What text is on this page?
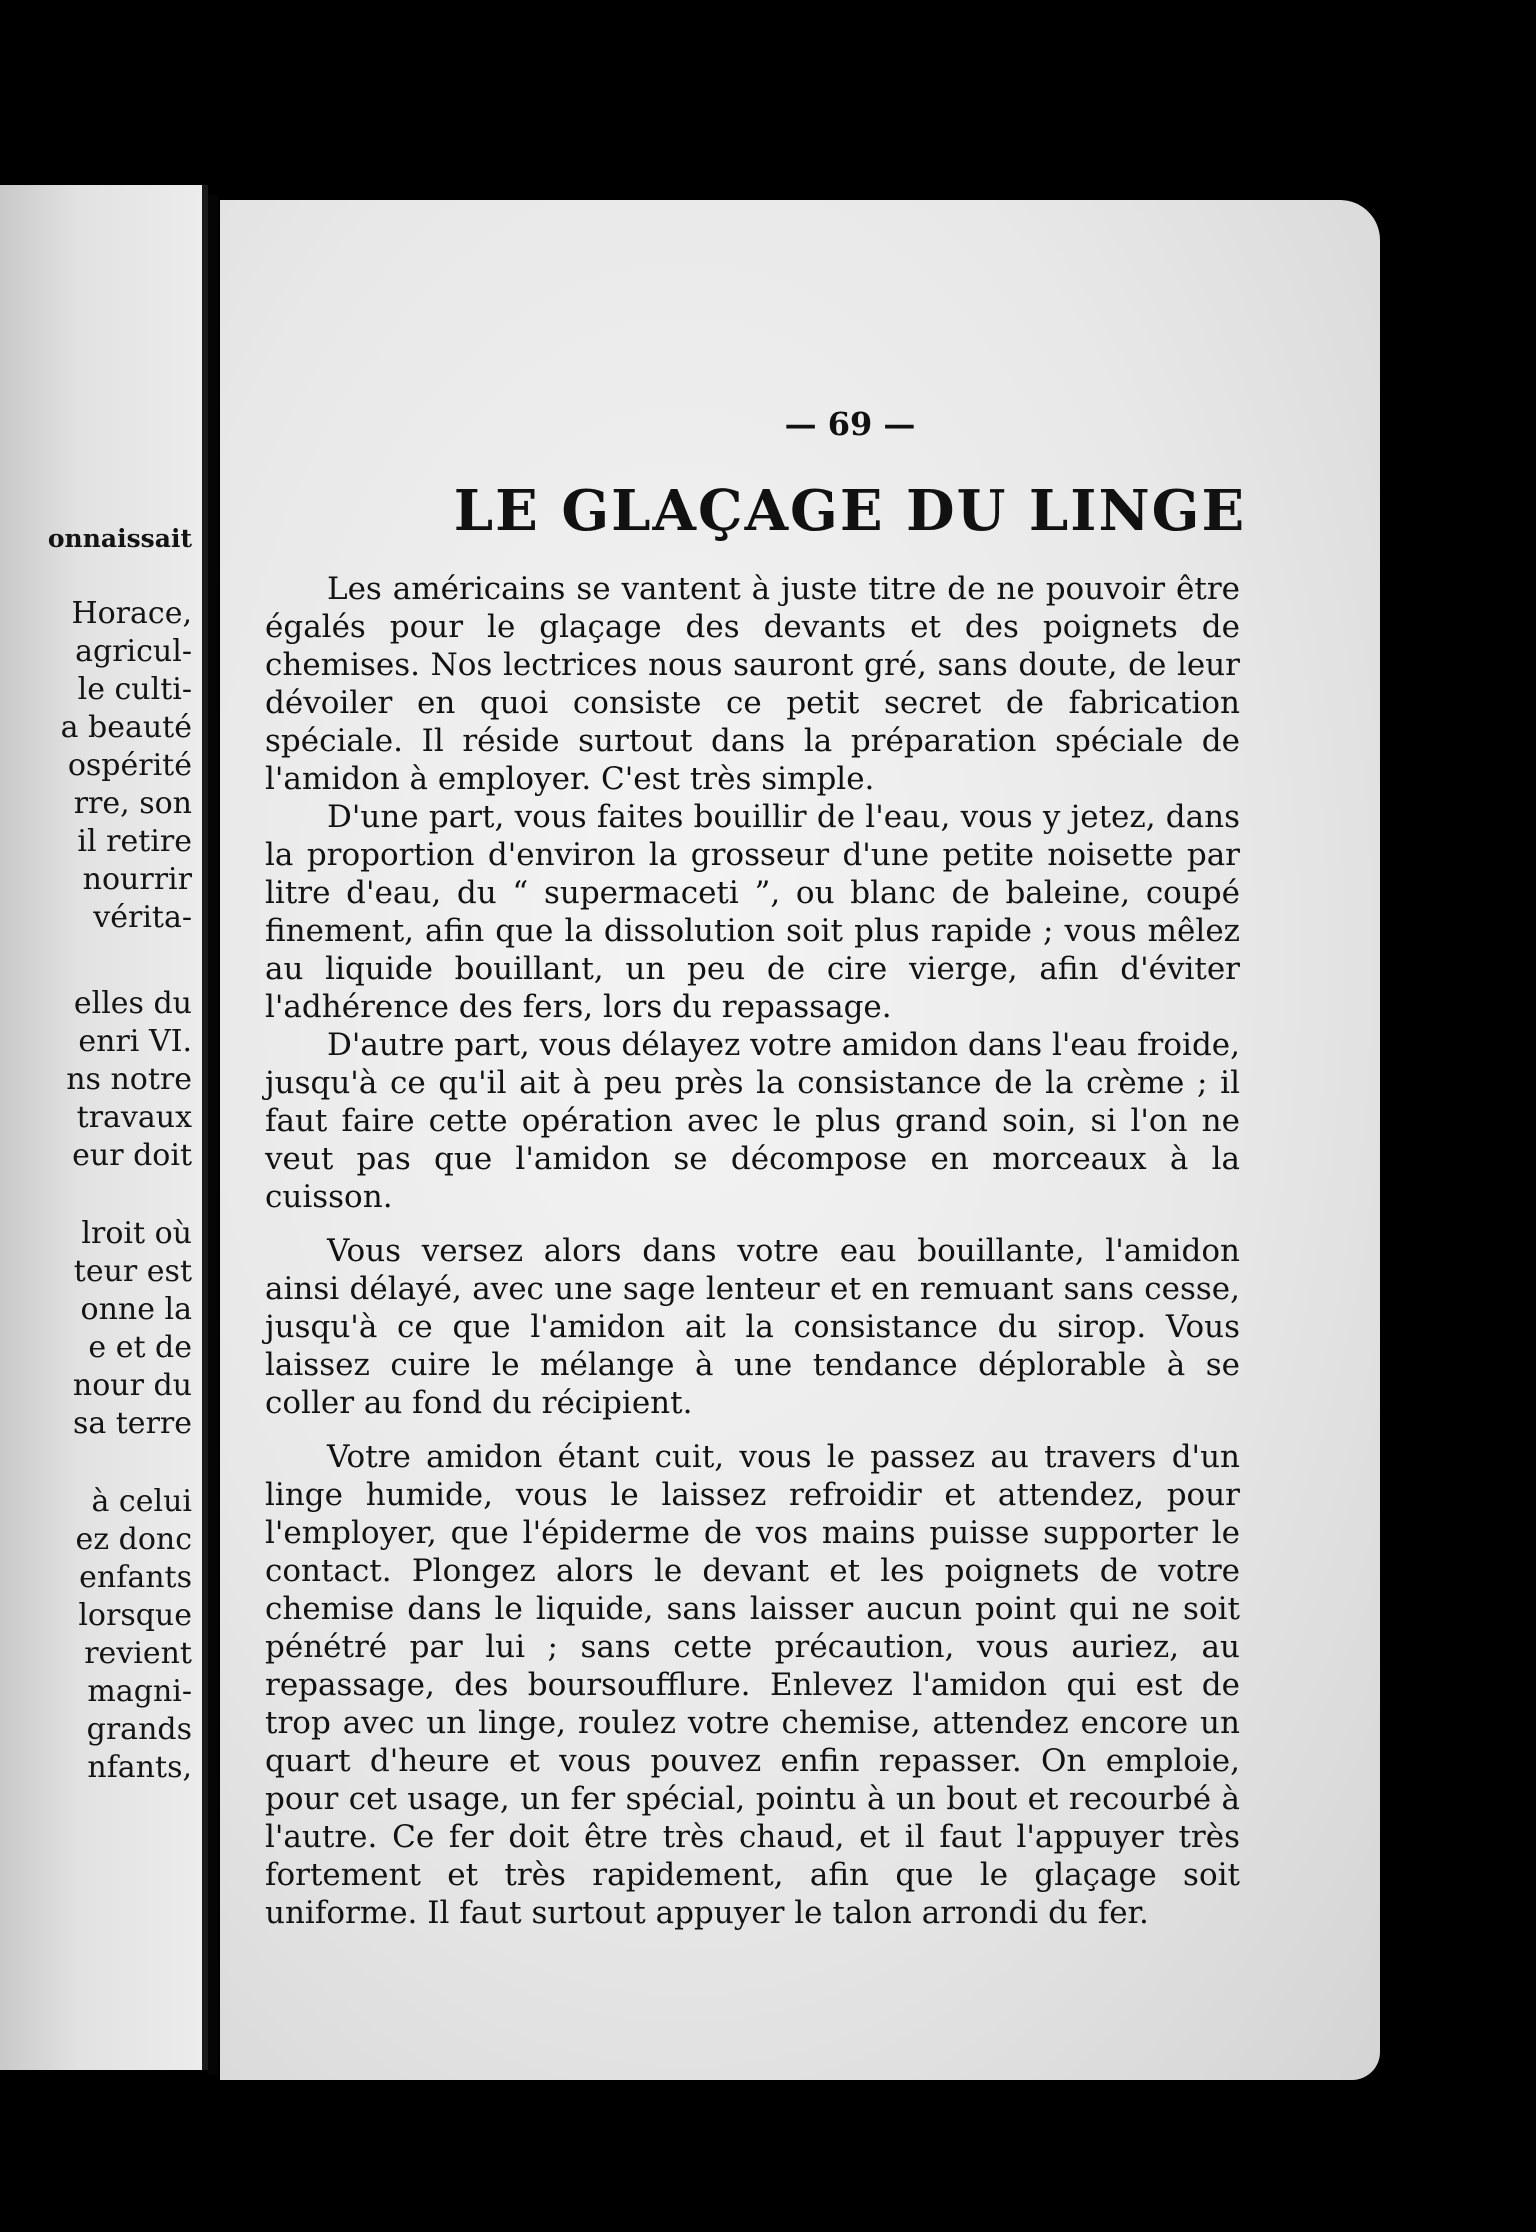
onnaissait
Horace,
agricul-
le culti-
a beauté
ospérité
rre, son
il retire
nourrir
vérita-
elles du
enri VI.
ns notre
travaux
eur doit
lroit où
teur est
onne la
e et de
nour du
sa terre
à celui
ez donc
enfants
lorsque
revient
magni-
grands
nfants,
— 69 —
LE GLAÇAGE DU LINGE

Les américains se vantent à juste titre de ne pouvoir être égalés pour le glaçage des devants et des poignets de chemises. Nos lectrices nous sauront gré, sans doute, de leur dévoiler en quoi consiste ce petit secret de fabrication spéciale. Il réside surtout dans la préparation spéciale de l'amidon à employer. C'est très simple.

D'une part, vous faites bouillir de l'eau, vous y jetez, dans la proportion d'environ la grosseur d'une petite noisette par litre d'eau, du “ supermaceti ”, ou blanc de baleine, coupé finement, afin que la dissolution soit plus rapide ; vous mêlez au liquide bouillant, un peu de cire vierge, afin d'éviter l'adhérence des fers, lors du repassage.

D'autre part, vous délayez votre amidon dans l'eau froide, jusqu'à ce qu'il ait à peu près la consistance de la crème ; il faut faire cette opération avec le plus grand soin, si l'on ne veut pas que l'amidon se décompose en morceaux à la cuisson.

Vous versez alors dans votre eau bouillante, l'amidon ainsi délayé, avec une sage lenteur et en remuant sans cesse, jusqu'à ce que l'amidon ait la consistance du sirop. Vous laissez cuire le mélange à une tendance déplorable à se coller au fond du récipient.

Votre amidon étant cuit, vous le passez au travers d'un linge humide, vous le laissez refroidir et attendez, pour l'employer, que l'épiderme de vos mains puisse supporter le contact. Plongez alors le devant et les poignets de votre chemise dans le liquide, sans laisser aucun point qui ne soit pénétré par lui ; sans cette précaution, vous auriez, au repassage, des boursoufflure. Enlevez l'amidon qui est de trop avec un linge, roulez votre chemise, attendez encore un quart d'heure et vous pouvez enfin repasser. On emploie, pour cet usage, un fer spécial, pointu à un bout et recourbé à l'autre. Ce fer doit être très chaud, et il faut l'appuyer très fortement et très rapidement, afin que le glaçage soit uniforme. Il faut surtout appuyer le talon arrondi du fer.
